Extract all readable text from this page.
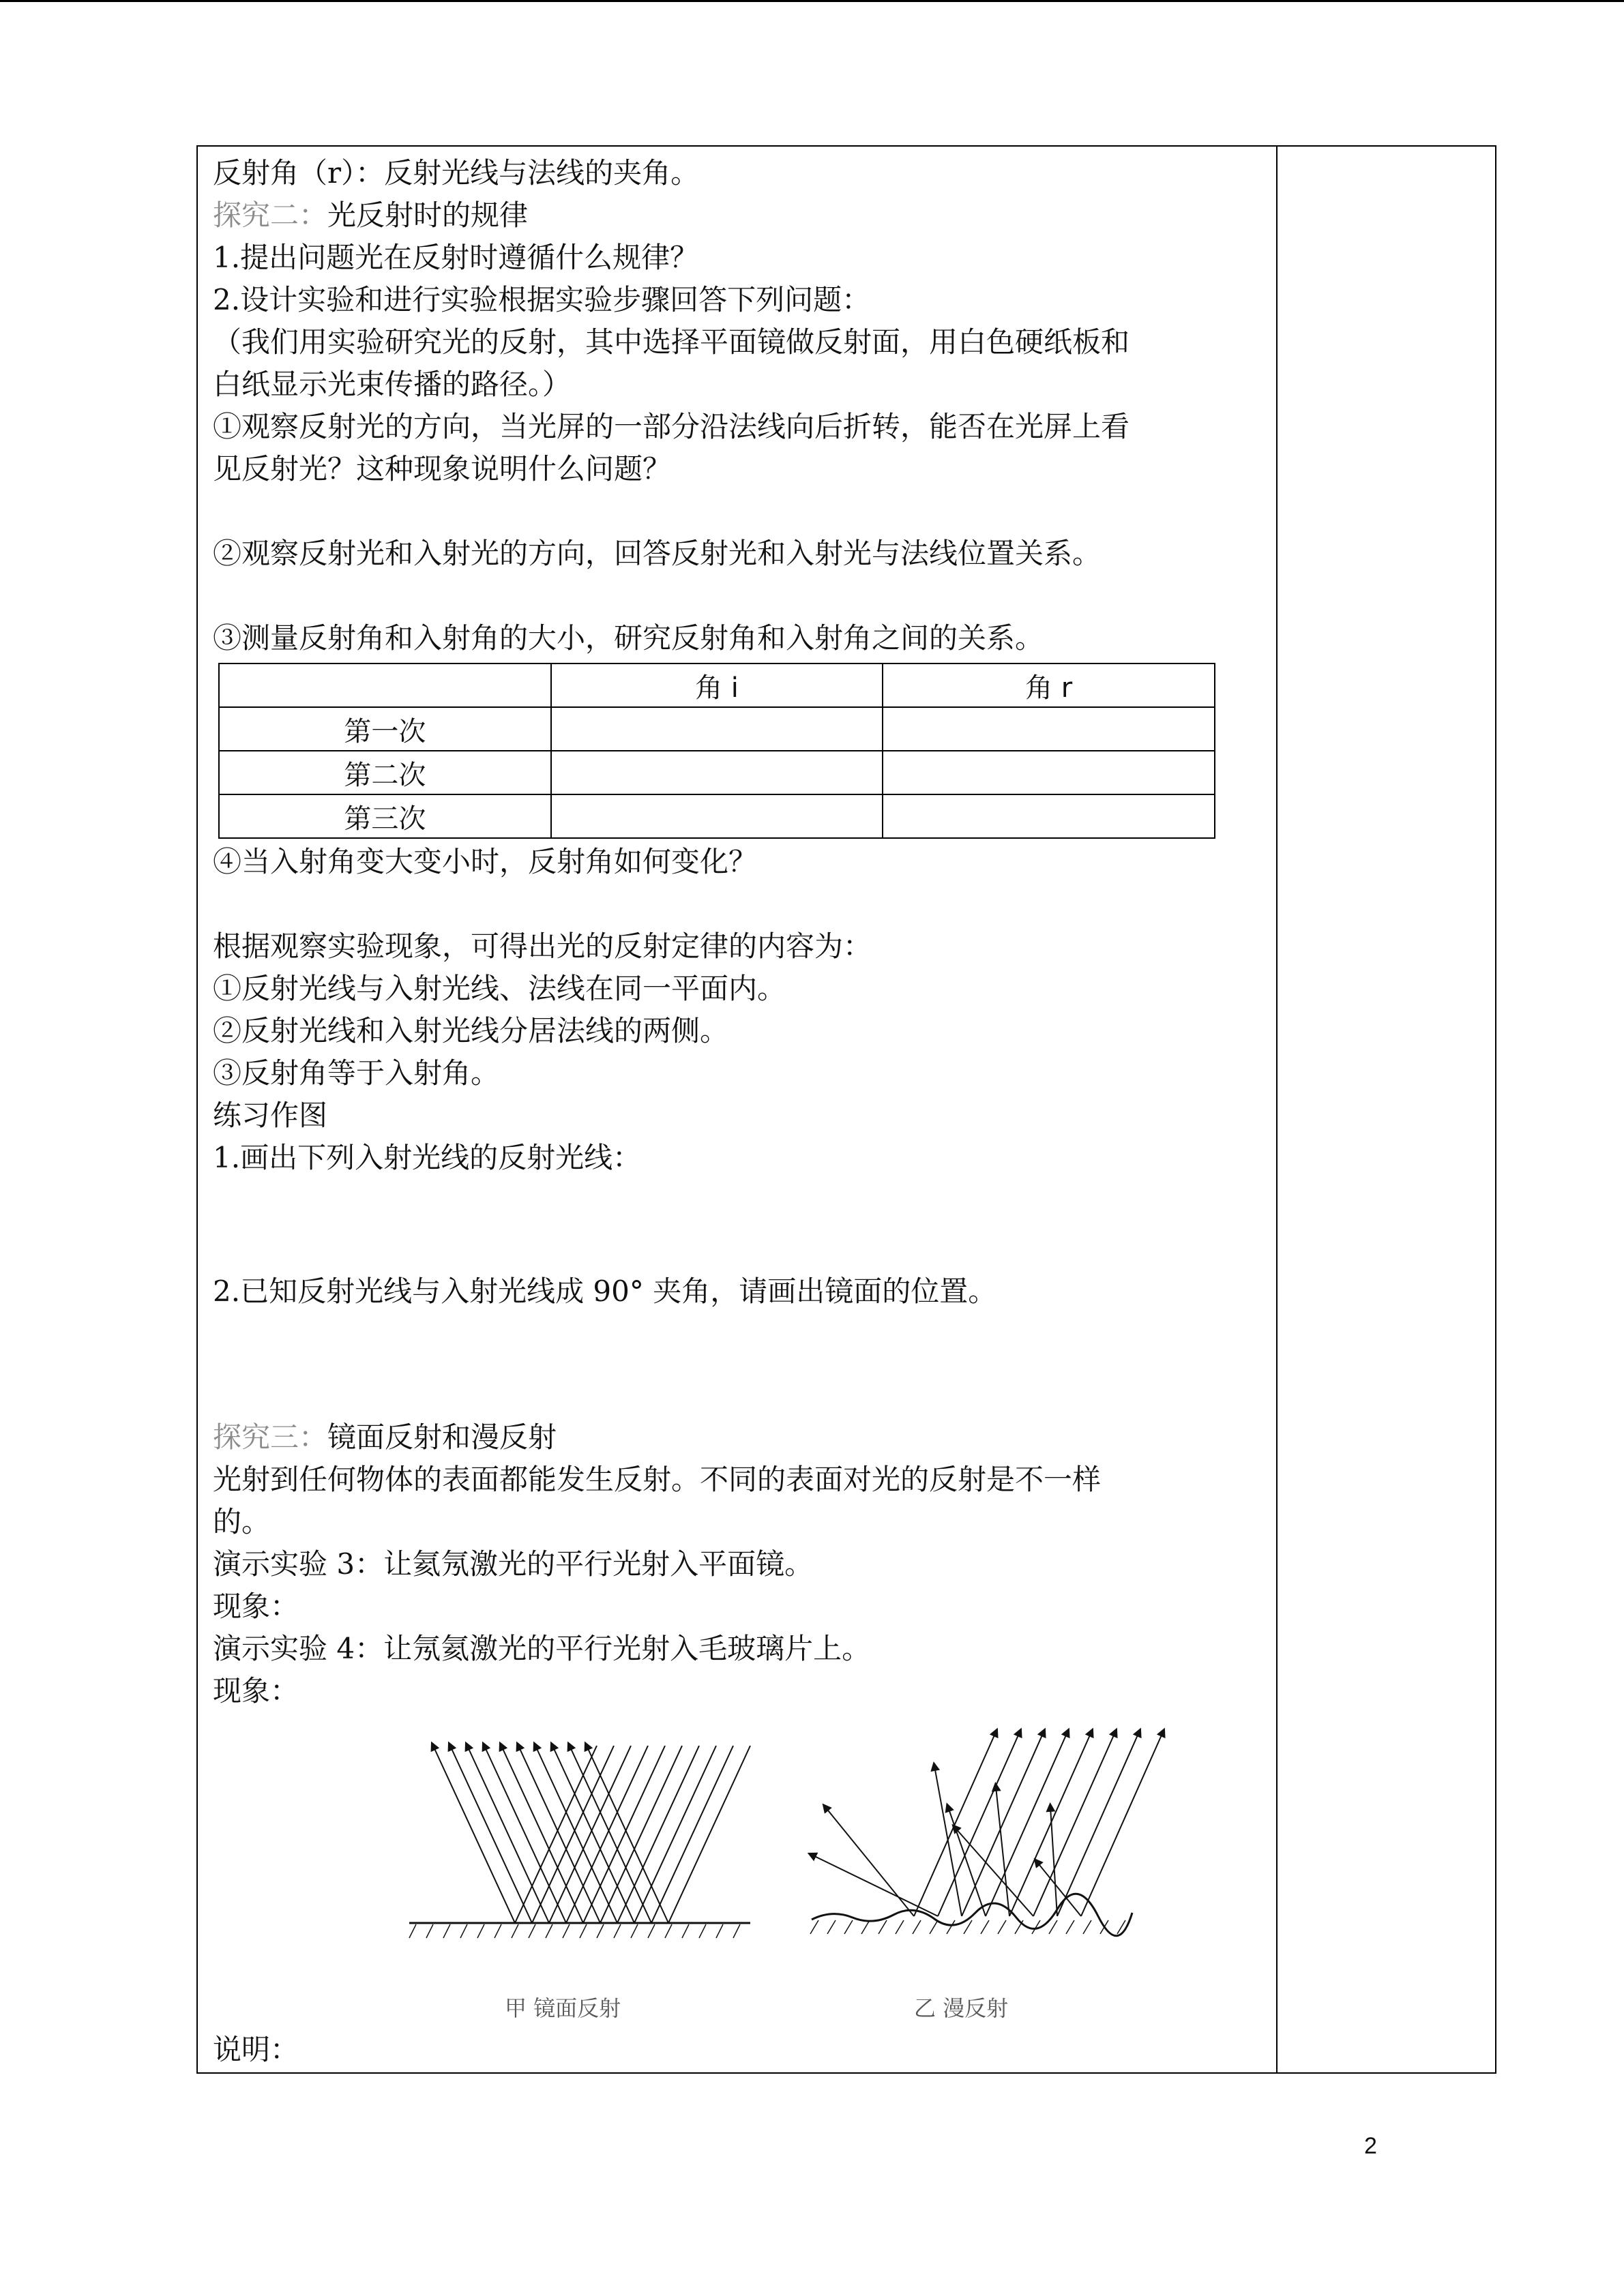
反射角（r）：反射光线与法线的夹角。
探究二：光反射时的规律
1.提出问题光在反射时遵循什么规律？
2.设计实验和进行实验根据实验步骤回答下列问题：
（我们用实验研究光的反射，其中选择平面镜做反射面，用白色硬纸板和
白纸显示光束传播的路径。）
①观察反射光的方向，当光屏的一部分沿法线向后折转，能否在光屏上看
见反射光？这种现象说明什么问题？
②观察反射光和入射光的方向，回答反射光和入射光与法线位置关系。
③测量反射角和入射角的大小，研究反射角和入射角之间的关系。
④当入射角变大变小时，反射角如何变化？
根据观察实验现象，可得出光的反射定律的内容为：
①反射光线与入射光线、法线在同一平面内。
②反射光线和入射光线分居法线的两侧。
③反射角等于入射角。
练习作图
1.画出下列入射光线的反射光线：
2.已知反射光线与入射光线成 90° 夹角，请画出镜面的位置。
探究三：镜面反射和漫反射
光射到任何物体的表面都能发生反射。不同的表面对光的反射是不一样
的。
演示实验 3：让氦氖激光的平行光射入平面镜。
现象：
演示实验 4：让氖氦激光的平行光射入毛玻璃片上。
现象：
说明：
	角 i	角 r
第一次		
第二次		
第三次		
甲 镜面反射	乙 漫反射
2
